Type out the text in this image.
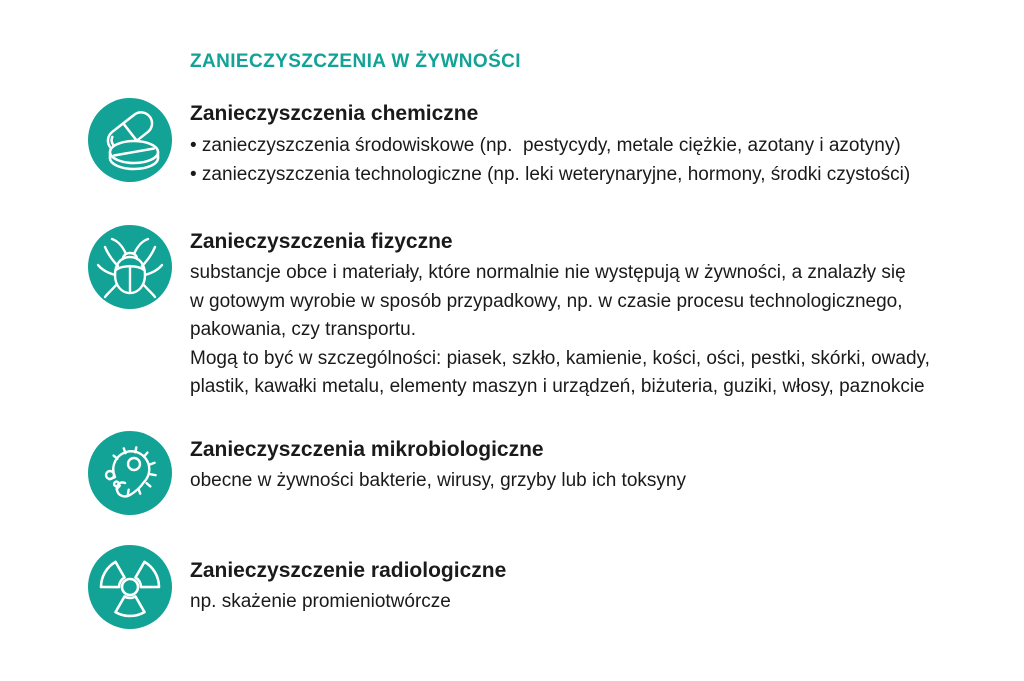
ZANIECZYSZCZENIA W ŻYWNOŚCI
Zanieczyszczenia chemiczne
• zanieczyszczenia środowiskowe (np.  pestycydy, metale ciężkie, azotany i azotyny)
• zanieczyszczenia technologiczne (np. leki weterynaryjne, hormony, środki czystości)
Zanieczyszczenia fizyczne
substancje obce i materiały, które normalnie nie występują w żywności, a znalazły się
w gotowym wyrobie w sposób przypadkowy, np. w czasie procesu technologicznego,
pakowania, czy transportu.
Mogą to być w szczególności: piasek, szkło, kamienie, kości, ości, pestki, skórki, owady,
plastik, kawałki metalu, elementy maszyn i urządzeń, biżuteria, guziki, włosy, paznokcie
Zanieczyszczenia mikrobiologiczne
obecne w żywności bakterie, wirusy, grzyby lub ich toksyny
Zanieczyszczenie radiologiczne
np. skażenie promieniotwórcze
